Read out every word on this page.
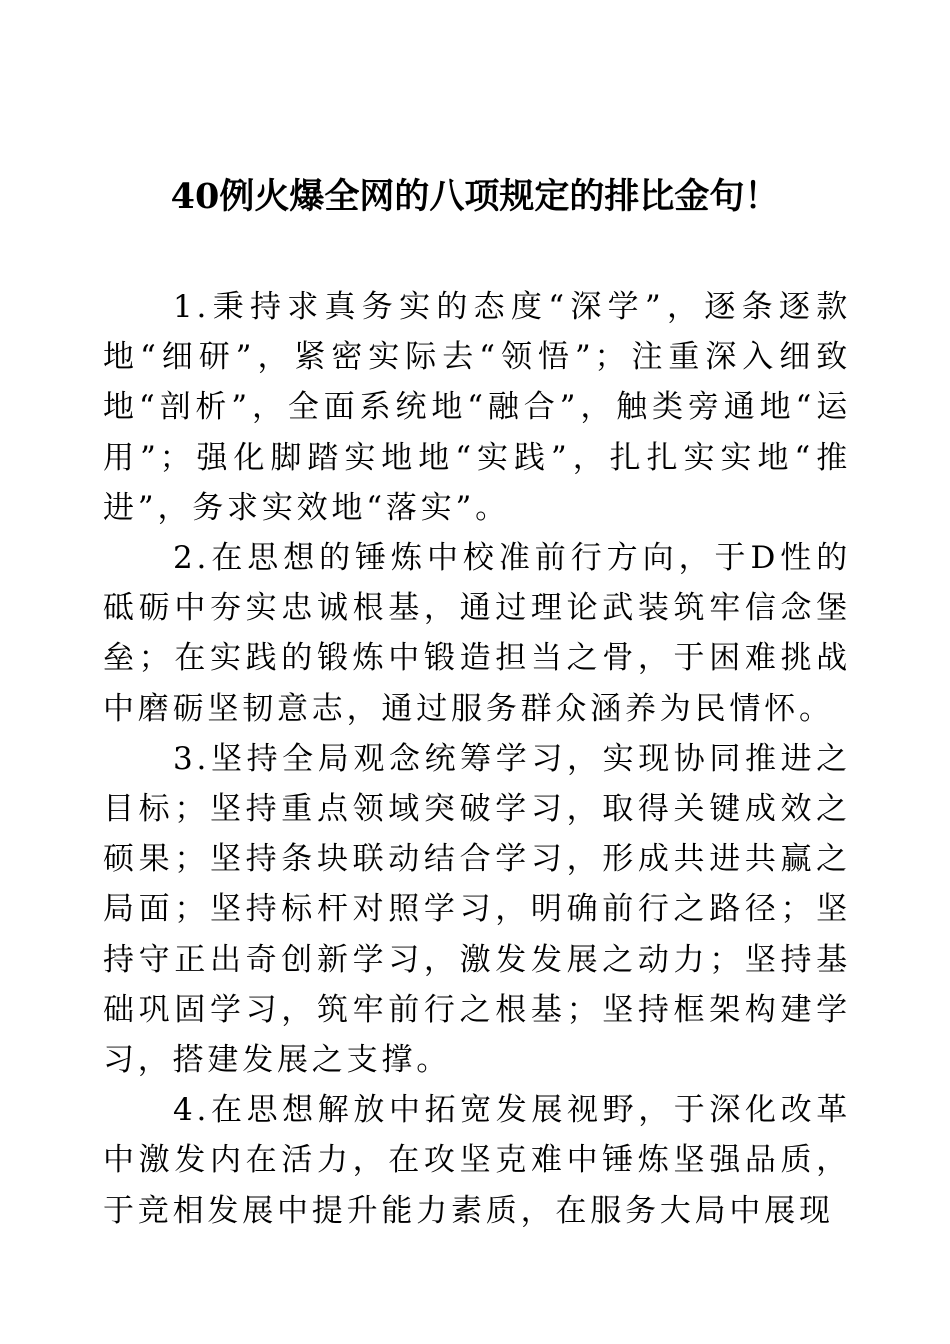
40例火爆全网的八项规定的排比金句！

1.秉持求真务实的态度“深学”，逐条逐款地“细研”，紧密实际去“领悟”；注重深入细致地“剖析”，全面系统地“融合”，触类旁通地“运用”；强化脚踏实地地“实践”，扎扎实实地“推进”，务求实效地“落实”。

2.在思想的锤炼中校准前行方向，于D性的砥砺中夯实忠诚根基，通过理论武装筑牢信念堡垒；在实践的锻炼中锻造担当之骨，于困难挑战中磨砺坚韧意志，通过服务群众涵养为民情怀。

3.坚持全局观念统筹学习，实现协同推进之目标；坚持重点领域突破学习，取得关键成效之硕果；坚持条块联动结合学习，形成共进共赢之局面；坚持标杆对照学习，明确前行之路径；坚持守正出奇创新学习，激发发展之动力；坚持基础巩固学习，筑牢前行之根基；坚持框架构建学习，搭建发展之支撑。

4.在思想解放中拓宽发展视野，于深化改革中激发内在活力，在攻坚克难中锤炼坚强品质，于竞相发展中提升能力素质，在服务大局中展现
